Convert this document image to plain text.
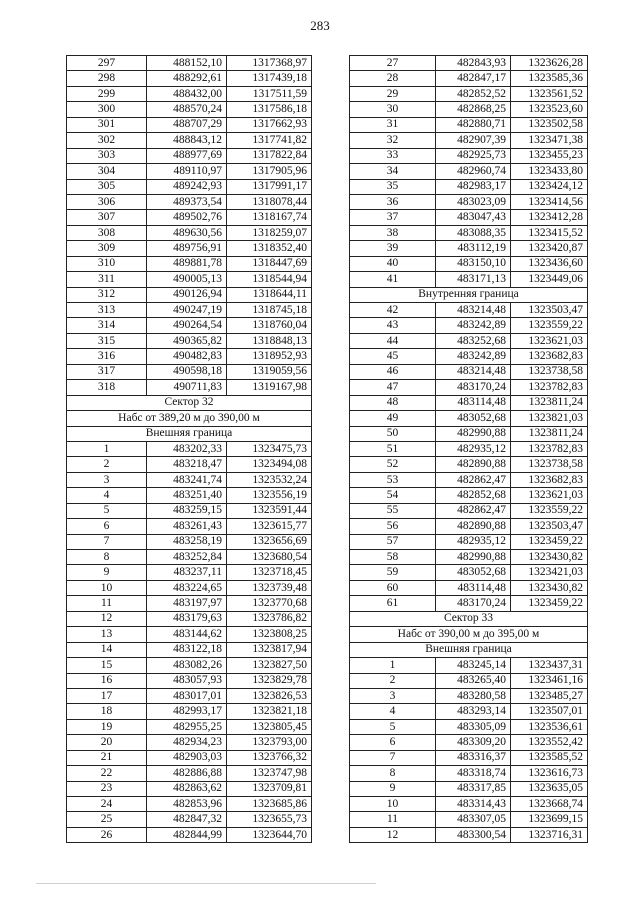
283
297	488152,10	1317368,97
298	488292,61	1317439,18
299	488432,00	1317511,59
300	488570,24	1317586,18
301	488707,29	1317662,93
302	488843,12	1317741,82
303	488977,69	1317822,84
304	489110,97	1317905,96
305	489242,93	1317991,17
306	489373,54	1318078,44
307	489502,76	1318167,74
308	489630,56	1318259,07
309	489756,91	1318352,40
310	489881,78	1318447,69
311	490005,13	1318544,94
312	490126,94	1318644,11
313	490247,19	1318745,18
314	490264,54	1318760,04
315	490365,82	1318848,13
316	490482,83	1318952,93
317	490598,18	1319059,56
318	490711,83	1319167,98
Сектор 32		
Набс от 389,20 м до 390,00 м		
Внешняя граница		
1	483202,33	1323475,73
2	483218,47	1323494,08
3	483241,74	1323532,24
4	483251,40	1323556,19
5	483259,15	1323591,44
6	483261,43	1323615,77
7	483258,19	1323656,69
8	483252,84	1323680,54
9	483237,11	1323718,45
10	483224,65	1323739,48
11	483197,97	1323770,68
12	483179,63	1323786,82
13	483144,62	1323808,25
14	483122,18	1323817,94
15	483082,26	1323827,50
16	483057,93	1323829,78
17	483017,01	1323826,53
18	482993,17	1323821,18
19	482955,25	1323805,45
20	482934,23	1323793,00
21	482903,03	1323766,32
22	482886,88	1323747,98
23	482863,62	1323709,81
24	482853,96	1323685,86
25	482847,32	1323655,73
26	482844,99	1323644,70
27	482843,93	1323626,28
28	482847,17	1323585,36
29	482852,52	1323561,52
30	482868,25	1323523,60
31	482880,71	1323502,58
32	482907,39	1323471,38
33	482925,73	1323455,23
34	482960,74	1323433,80
35	482983,17	1323424,12
36	483023,09	1323414,56
37	483047,43	1323412,28
38	483088,35	1323415,52
39	483112,19	1323420,87
40	483150,10	1323436,60
41	483171,13	1323449,06
Внутренняя граница		
42	483214,48	1323503,47
43	483242,89	1323559,22
44	483252,68	1323621,03
45	483242,89	1323682,83
46	483214,48	1323738,58
47	483170,24	1323782,83
48	483114,48	1323811,24
49	483052,68	1323821,03
50	482990,88	1323811,24
51	482935,12	1323782,83
52	482890,88	1323738,58
53	482862,47	1323682,83
54	482852,68	1323621,03
55	482862,47	1323559,22
56	482890,88	1323503,47
57	482935,12	1323459,22
58	482990,88	1323430,82
59	483052,68	1323421,03
60	483114,48	1323430,82
61	483170,24	1323459,22
Сектор 33		
Набс от 390,00 м до 395,00 м		
Внешняя граница		
1	483245,14	1323437,31
2	483265,40	1323461,16
3	483280,58	1323485,27
4	483293,14	1323507,01
5	483305,09	1323536,61
6	483309,20	1323552,42
7	483316,37	1323585,52
8	483318,74	1323616,73
9	483317,85	1323635,05
10	483314,43	1323668,74
11	483307,05	1323699,15
12	483300,54	1323716,31
